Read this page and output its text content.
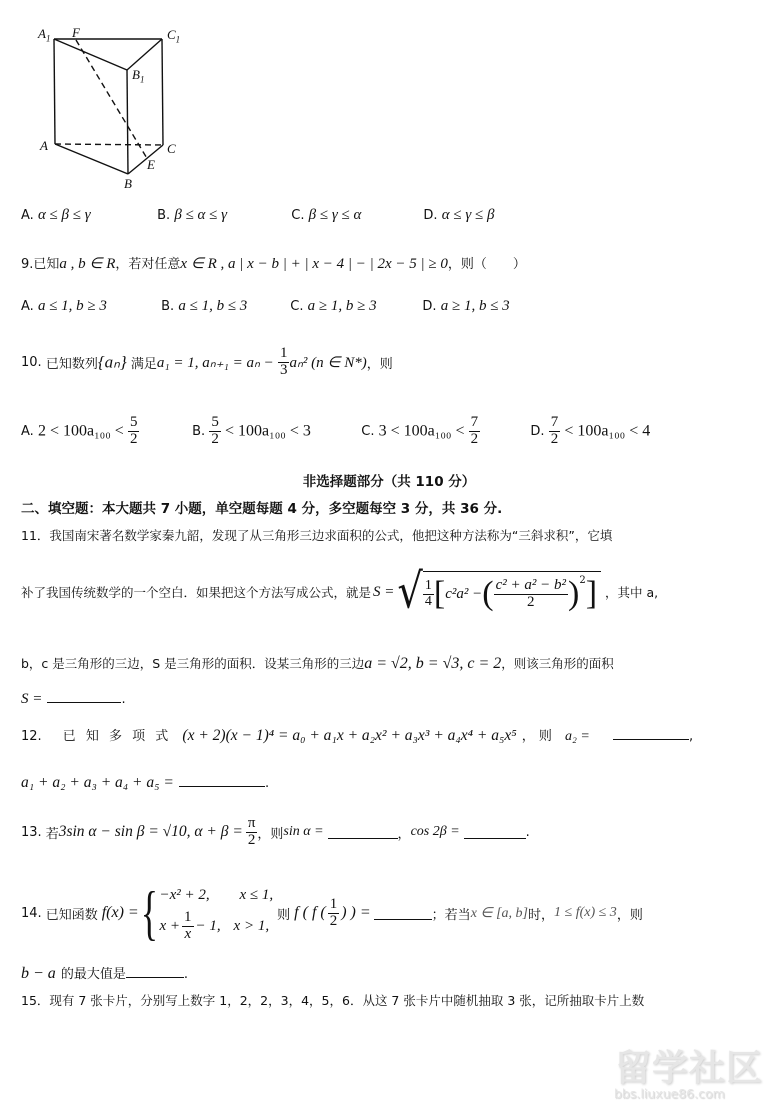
$A_1$ F	$C_1$
$B_1$
A	C
E
B
A. α ≤ β ≤ γ	B. β ≤ α ≤ γ	C. β ≤ γ ≤ α	D. α ≤ γ ≤ β
9.已知a , b ∈ R，若对任意x ∈ R , a | x − b | + | x − 4 | − | 2x − 5 | ≥ 0，则（　　）
A. a ≤ 1, b ≥ 3	B. a ≤ 1, b ≤ 3	C. a ≥ 1, b ≥ 3	D. a ≥ 1, b ≤ 3
10. 已知数列{aₙ} 满足a₁ = 1, $a_{n+1} = a_n - \frac{1}{3} a_n^2$ (n ∈ N*)，则
A. $2 < 100a_{100} < \frac{5}{2}$	B. $\frac{5}{2} < 100a_{100} < 3$	C. $3 < 100a_{100} < \frac{7}{2}$	D. $\frac{7}{2} < 100a_{100} < 4$
非选择题部分（共 110 分）
二、填空题：本大题共 7 小题，单空题每题 4 分，多空题每空 3 分，共 36 分.
11．我国南宋著名数学家秦九韶，发现了从三角形三边求面积的公式，他把这种方法称为“三斜求积”，它填
补了我国传统数学的一个空白．如果把这个方法写成公式，就是 S = √ $\frac{1}{4}$ [ c²a² − ( $\frac{\text{c² + a² − b²}}{2} )^2$ ] ，其中 a,
b，c 是三角形的三边，S 是三角形的面积．设某三角形的三边a = √2, b = √3, c = 2，则该三角形的面积
S =	.
12. 已 知 多 项 式 (x + 2)(x − 1)⁴ = a₀ + a₁x + a₂x² + a₃x³ + a₄x⁴ + a₅x⁵ ， 则 a₂ =	,
a₁ + a₂ + a₃ + a₄ + a₅ =	.
13. 若 3sin α − sin β = √10, $\alpha + \beta = \frac{\pi}{2}$ ，则 sin α =	， cos 2β =	.
14. 已知函数 f(x) = { −x² + 2, x ≤ 1,
$x + \frac{1}{x} - 1$, x > 1,
则 f ( f ( $\frac{1}{2}$ ) ) =	；若当 x ∈ [a, b] 时， 1 ≤ f(x) ≤ 3 ，则
b − a 的最大值是	.
15．现有 7 张卡片，分别写上数字 1，2，2，3，4，5，6．从这 7 张卡片中随机抽取 3 张，记所抽取卡片上数
留学社区
bbs.liuxue86.com
